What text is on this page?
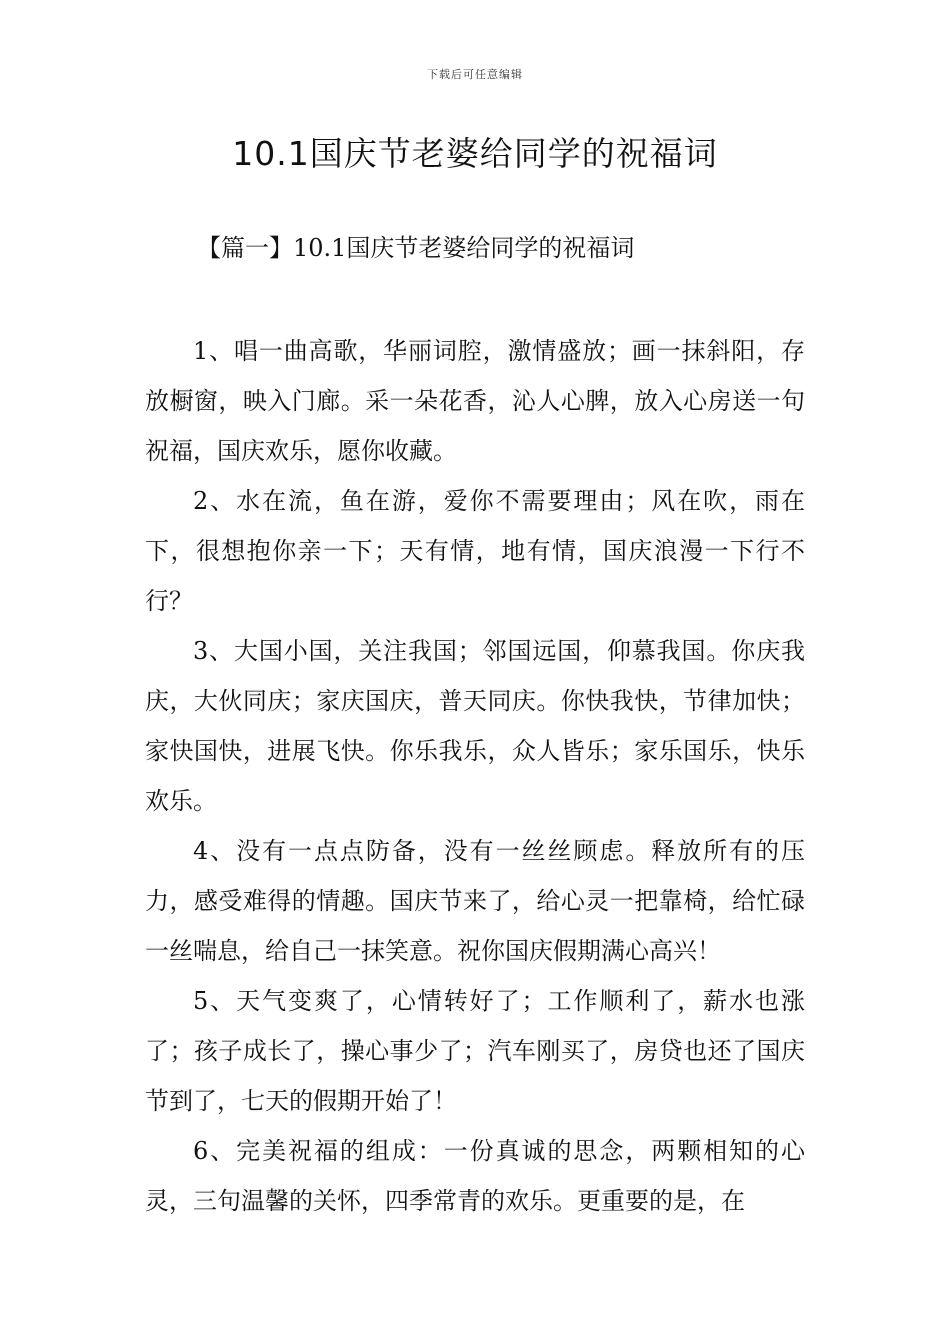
下载后可任意编辑
10.1国庆节老婆给同学的祝福词
【篇一】10.1国庆节老婆给同学的祝福词

1、唱一曲高歌，华丽词腔，激情盛放；画一抹斜阳，存放橱窗，映入门廊。采一朵花香，沁人心脾，放入心房送一句祝福，国庆欢乐，愿你收藏。

2、水在流，鱼在游，爱你不需要理由；风在吹，雨在下，很想抱你亲一下；天有情，地有情，国庆浪漫一下行不行？

3、大国小国，关注我国；邻国远国，仰慕我国。你庆我庆，大伙同庆；家庆国庆，普天同庆。你快我快，节律加快；家快国快，进展飞快。你乐我乐，众人皆乐；家乐国乐，快乐欢乐。

4、没有一点点防备，没有一丝丝顾虑。释放所有的压力，感受难得的情趣。国庆节来了，给心灵一把靠椅，给忙碌一丝喘息，给自己一抹笑意。祝你国庆假期满心高兴！

5、天气变爽了，心情转好了；工作顺利了，薪水也涨了；孩子成长了，操心事少了；汽车刚买了，房贷也还了国庆节到了，七天的假期开始了！

6、完美祝福的组成：一份真诚的思念，两颗相知的心灵，三句温馨的关怀，四季常青的欢乐。更重要的是，在
